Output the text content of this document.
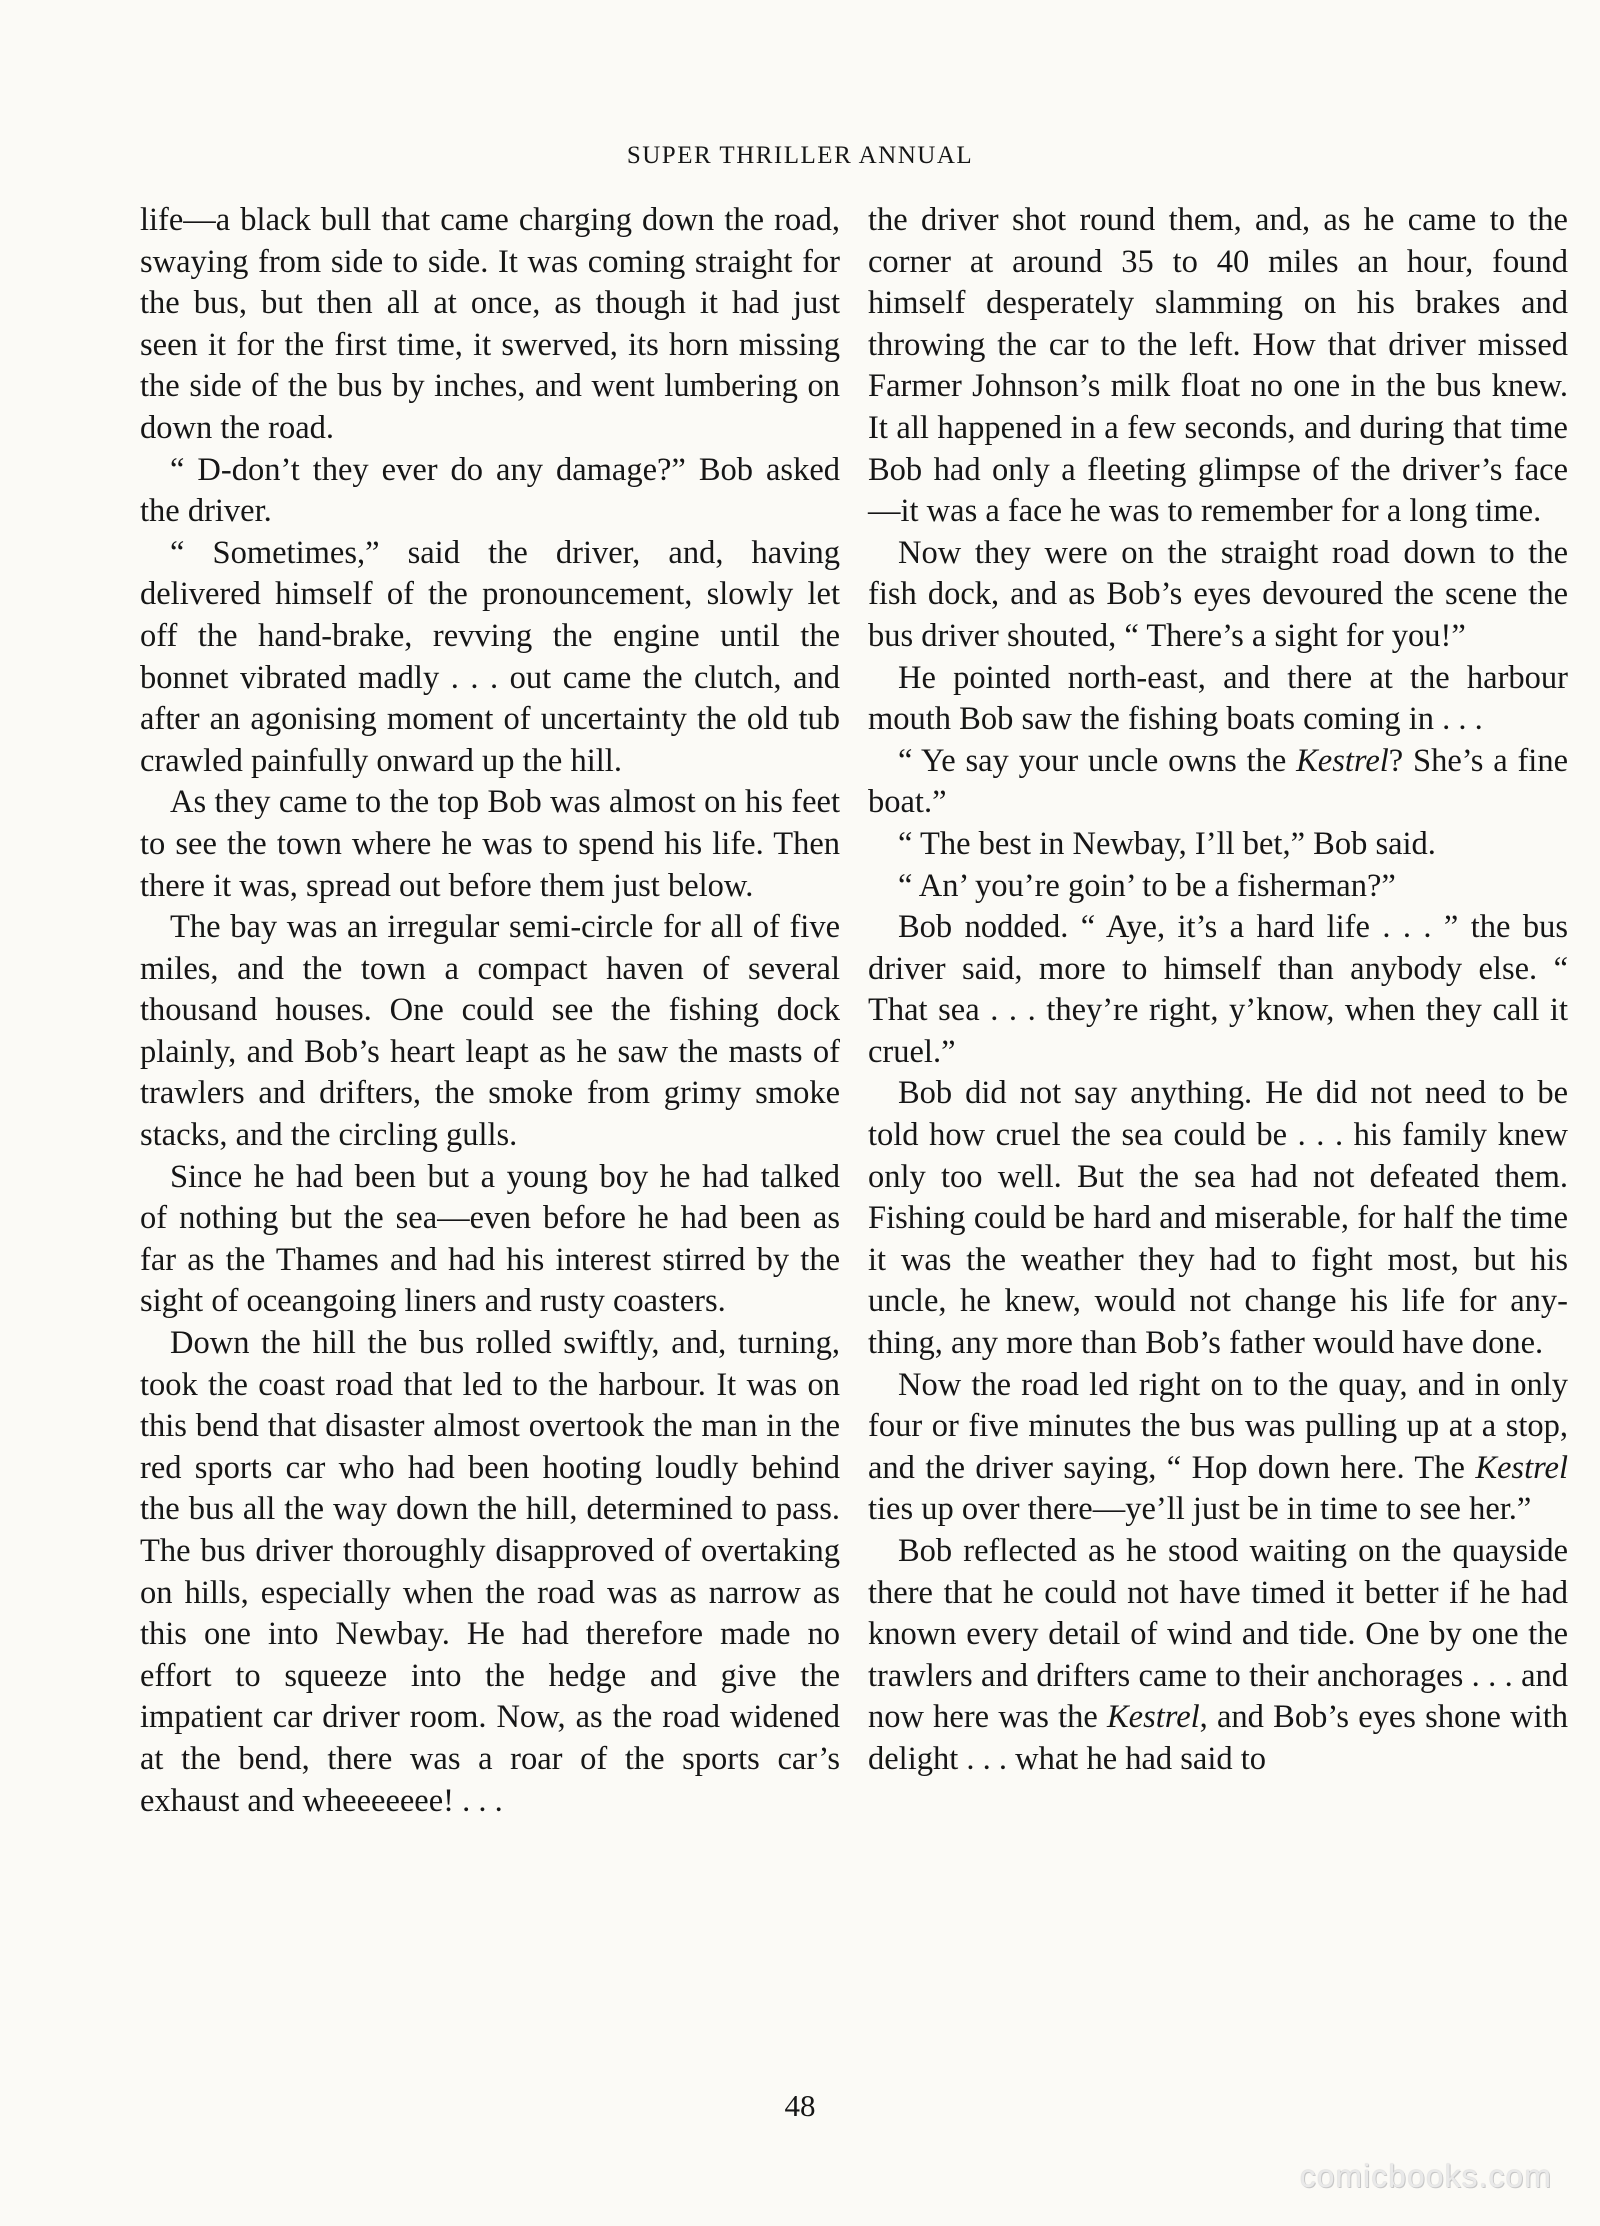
SUPER THRILLER ANNUAL

life—a black bull that came charging down the road, swaying from side to side. It was coming straight for the bus, but then all at once, as though it had just seen it for the first time, it swerved, its horn missing the side of the bus by inches, and went lumbering on down the road.

“ D-don’t they ever do any damage?” Bob asked the driver.

“ Sometimes,” said the driver, and, having delivered himself of the pronouncement, slowly let off the hand-brake, revving the engine until the bonnet vibrated madly . . . out came the clutch, and after an agonising moment of uncertainty the old tub crawled painfully onward up the hill.

As they came to the top Bob was almost on his feet to see the town where he was to spend his life. Then there it was, spread out before them just below.

The bay was an irregular semi-circle for all of five miles, and the town a compact haven of several thousand houses. One could see the fishing dock plainly, and Bob’s heart leapt as he saw the masts of trawlers and drifters, the smoke from grimy smoke stacks, and the circling gulls.

Since he had been but a young boy he had talked of nothing but the sea—even before he had been as far as the Thames and had his interest stirred by the sight of oceangoing liners and rusty coasters.

Down the hill the bus rolled swiftly, and, turning, took the coast road that led to the harbour. It was on this bend that disaster almost overtook the man in the red sports car who had been hooting loudly behind the bus all the way down the hill, determined to pass. The bus driver thoroughly disapproved of overtaking on hills, especially when the road was as narrow as this one into Newbay. He had therefore made no effort to squeeze into the hedge and give the impatient car driver room. Now, as the road widened at the bend, there was a roar of the sports car’s exhaust and wheeeeeee! . . .

the driver shot round them, and, as he came to the corner at around 35 to 40 miles an hour, found himself desperately slamming on his brakes and throwing the car to the left. How that driver missed Farmer Johnson’s milk float no one in the bus knew. It all happened in a few seconds, and during that time Bob had only a fleeting glimpse of the driver’s face—it was a face he was to remember for a long time.

Now they were on the straight road down to the fish dock, and as Bob’s eyes devoured the scene the bus driver shouted, “ There’s a sight for you!”

He pointed north-east, and there at the harbour mouth Bob saw the fishing boats coming in . . .

“ Ye say your uncle owns the Kestrel? She’s a fine boat.”

“ The best in Newbay, I’ll bet,” Bob said.

“ An’ you’re goin’ to be a fisherman?”

Bob nodded. “ Aye, it’s a hard life . . . ” the bus driver said, more to himself than anybody else. “ That sea . . . they’re right, y’know, when they call it cruel.”

Bob did not say anything. He did not need to be told how cruel the sea could be . . . his family knew only too well. But the sea had not defeated them. Fishing could be hard and miserable, for half the time it was the weather they had to fight most, but his uncle, he knew, would not change his life for anything, any more than Bob’s father would have done.

Now the road led right on to the quay, and in only four or five minutes the bus was pulling up at a stop, and the driver saying, “ Hop down here. The Kestrel ties up over there—ye’ll just be in time to see her.”

Bob reflected as he stood waiting on the quayside there that he could not have timed it better if he had known every detail of wind and tide. One by one the trawlers and drifters came to their anchorages . . . and now here was the Kestrel, and Bob’s eyes shone with delight . . . what he had said to

48
comicbooks.com
